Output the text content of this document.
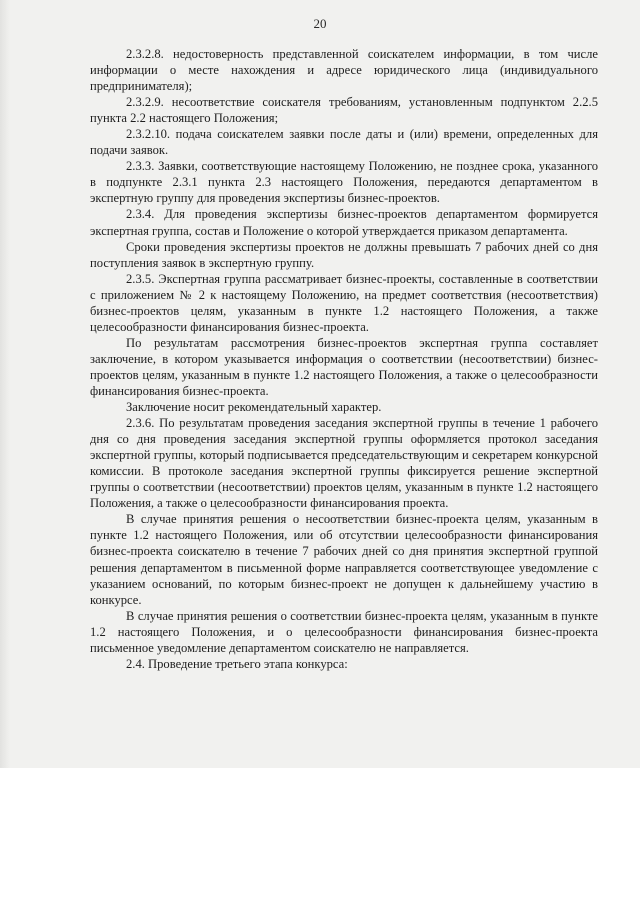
20

2.3.2.8. недостоверность представленной соискателем информации, в том числе информации о месте нахождения и адресе юридического лица (индивидуального предпринимателя);

2.3.2.9. несоответствие соискателя требованиям, установленным подпунктом 2.2.5 пункта 2.2 настоящего Положения;

2.3.2.10. подача соискателем заявки после даты и (или) времени, определенных для подачи заявок.

2.3.3. Заявки, соответствующие настоящему Положению, не позднее срока, указанного в подпункте 2.3.1 пункта 2.3 настоящего Положения, передаются департаментом в экспертную группу для проведения экспертизы бизнес-проектов.

2.3.4. Для проведения экспертизы бизнес-проектов департаментом формируется экспертная группа, состав и Положение о которой утверждается приказом департамента.

Сроки проведения экспертизы проектов не должны превышать 7 рабочих дней со дня поступления заявок в экспертную группу.

2.3.5. Экспертная группа рассматривает бизнес-проекты, составленные в соответствии с приложением № 2 к настоящему Положению, на предмет соответствия (несоответствия) бизнес-проектов целям, указанным в пункте 1.2 настоящего Положения, а также целесообразности финансирования бизнес-проекта.

По результатам рассмотрения бизнес-проектов экспертная группа составляет заключение, в котором указывается информация о соответствии (несоответствии) бизнес-проектов целям, указанным в пункте 1.2 настоящего Положения, а также о целесообразности финансирования бизнес-проекта.

Заключение носит рекомендательный характер.

2.3.6. По результатам проведения заседания экспертной группы в течение 1 рабочего дня со дня проведения заседания экспертной группы оформляется протокол заседания экспертной группы, который подписывается председательствующим и секретарем конкурсной комиссии. В протоколе заседания экспертной группы фиксируется решение экспертной группы о соответствии (несоответствии) проектов целям, указанным в пункте 1.2 настоящего Положения, а также о целесообразности финансирования проекта.

В случае принятия решения о несоответствии бизнес-проекта целям, указанным в пункте 1.2 настоящего Положения, или об отсутствии целесообразности финансирования бизнес-проекта соискателю в течение 7 рабочих дней со дня принятия экспертной группой решения департаментом в письменной форме направляется соответствующее уведомление с указанием оснований, по которым бизнес-проект не допущен к дальнейшему участию в конкурсе.

В случае принятия решения о соответствии бизнес-проекта целям, указанным в пункте 1.2 настоящего Положения, и о целесообразности финансирования бизнес-проекта письменное уведомление департаментом соискателю не направляется.

2.4. Проведение третьего этапа конкурса:
